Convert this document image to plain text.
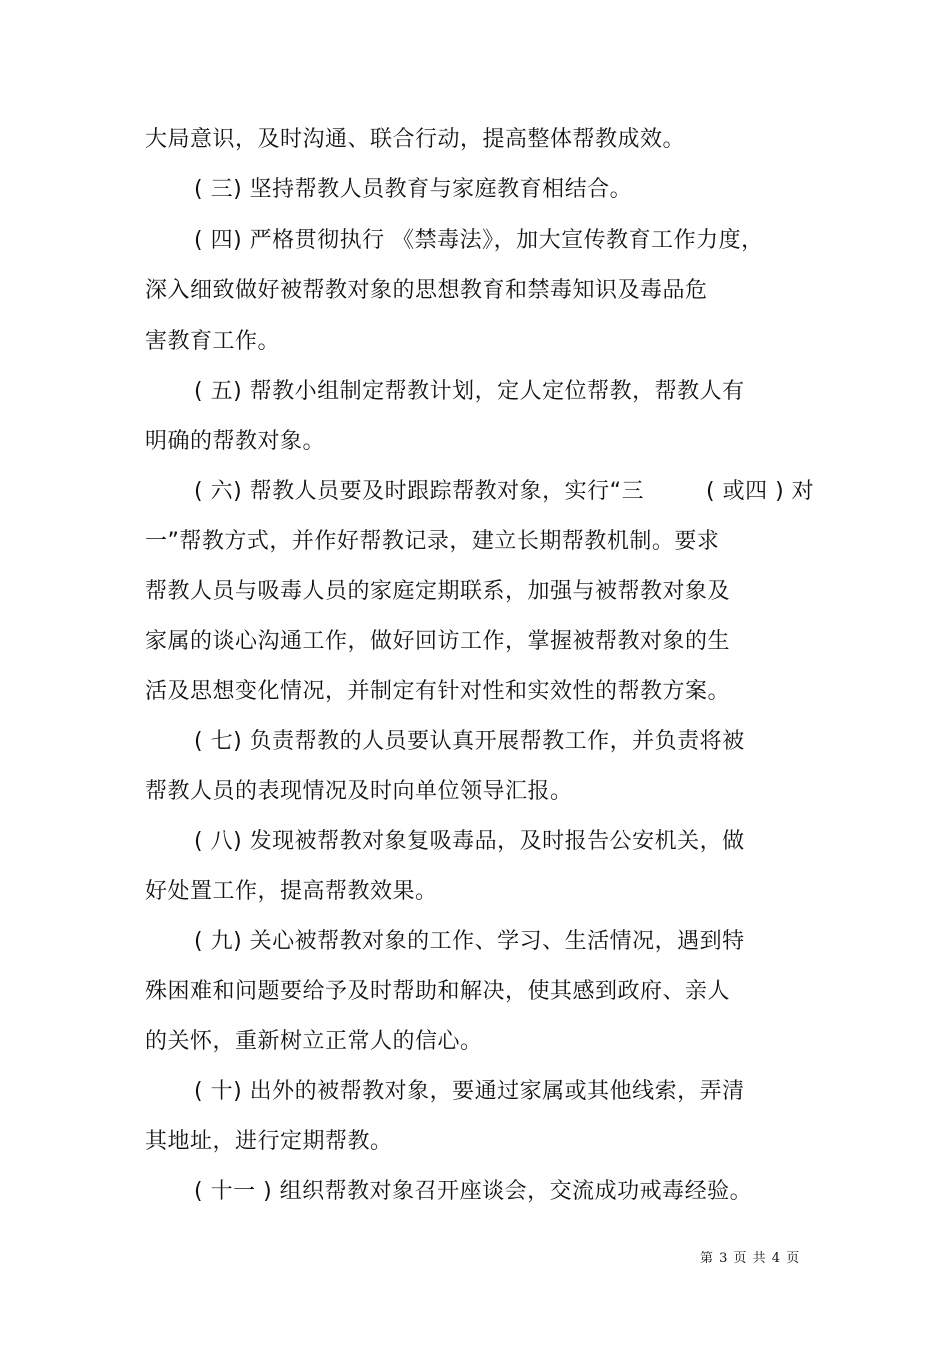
大局意识，及时沟通、联合行动，提高整体帮教成效。
( 三) 坚持帮教人员教育与家庭教育相结合。
( 四) 严格贯彻执行 《禁毒法》，加大宣传教育工作力度，
深入细致做好被帮教对象的思想教育和禁毒知识及毒品危
害教育工作。
( 五) 帮教小组制定帮教计划，定人定位帮教，帮教人有
明确的帮教对象。
( 六) 帮教人员要及时跟踪帮教对象，实行“三	( 或四 ) 对
一”帮教方式，并作好帮教记录，建立长期帮教机制。要求
帮教人员与吸毒人员的家庭定期联系，加强与被帮教对象及
家属的谈心沟通工作，做好回访工作，掌握被帮教对象的生
活及思想变化情况，并制定有针对性和实效性的帮教方案。
( 七) 负责帮教的人员要认真开展帮教工作，并负责将被
帮教人员的表现情况及时向单位领导汇报。
( 八) 发现被帮教对象复吸毒品，及时报告公安机关，做
好处置工作，提高帮教效果。
( 九) 关心被帮教对象的工作、学习、生活情况，遇到特
殊困难和问题要给予及时帮助和解决，使其感到政府、亲人
的关怀，重新树立正常人的信心。
( 十) 出外的被帮教对象，要通过家属或其他线索，弄清
其地址，进行定期帮教。
( 十一 ) 组织帮教对象召开座谈会，交流成功戒毒经验。
第 3 页 共 4 页
